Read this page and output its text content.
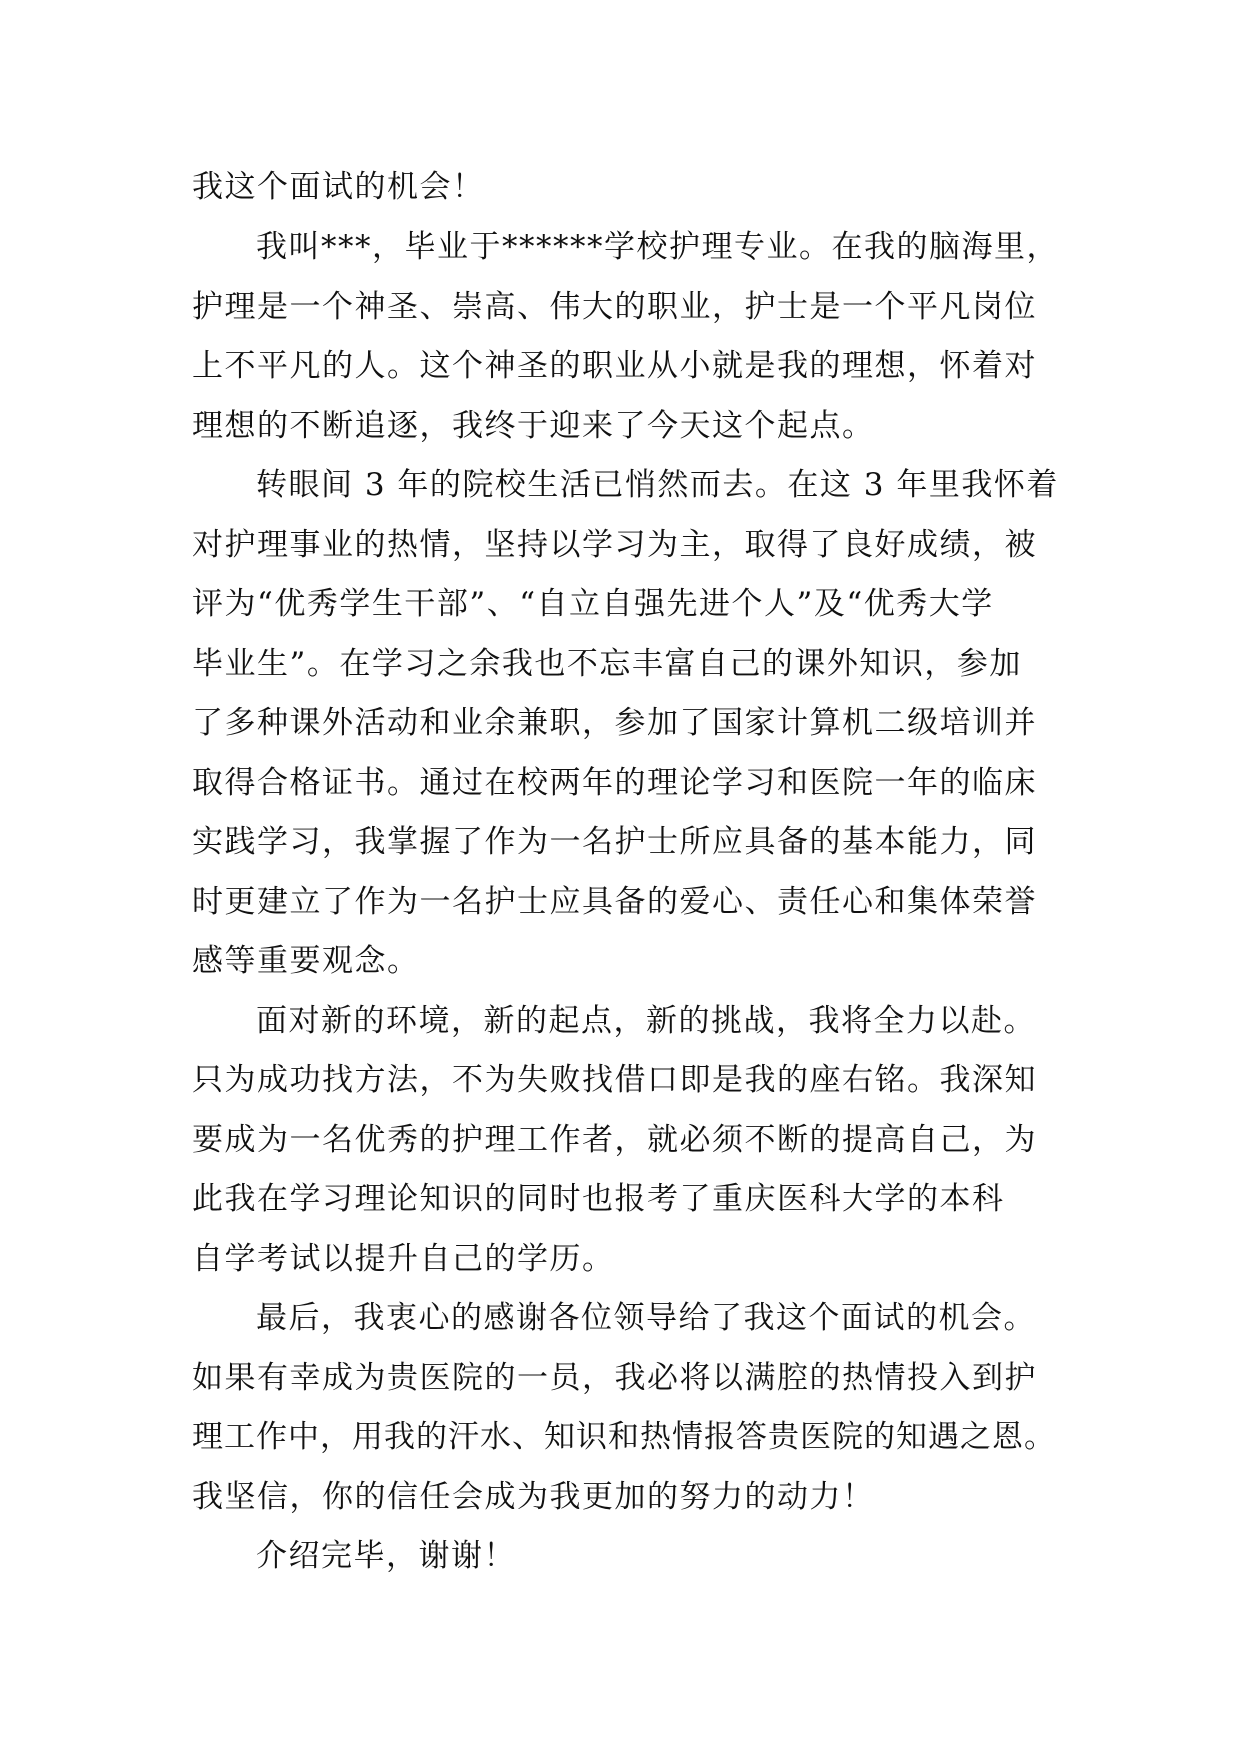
我这个面试的机会！
我叫***，毕业于******学校护理专业。在我的脑海里，
护理是一个神圣、崇高、伟大的职业，护士是一个平凡岗位
上不平凡的人。这个神圣的职业从小就是我的理想，怀着对
理想的不断追逐，我终于迎来了今天这个起点。
转眼间 3 年的院校生活已悄然而去。在这 3 年里我怀着
对护理事业的热情，坚持以学习为主，取得了良好成绩，被
评为“优秀学生干部”、“自立自强先进个人”及“优秀大学
毕业生”。在学习之余我也不忘丰富自己的课外知识，参加
了多种课外活动和业余兼职，参加了国家计算机二级培训并
取得合格证书。通过在校两年的理论学习和医院一年的临床
实践学习，我掌握了作为一名护士所应具备的基本能力，同
时更建立了作为一名护士应具备的爱心、责任心和集体荣誉
感等重要观念。
面对新的环境，新的起点，新的挑战，我将全力以赴。
只为成功找方法，不为失败找借口即是我的座右铭。我深知
要成为一名优秀的护理工作者，就必须不断的提高自己，为
此我在学习理论知识的同时也报考了重庆医科大学的本科
自学考试以提升自己的学历。
最后，我衷心的感谢各位领导给了我这个面试的机会。
如果有幸成为贵医院的一员，我必将以满腔的热情投入到护
理工作中，用我的汗水、知识和热情报答贵医院的知遇之恩。
我坚信，你的信任会成为我更加的努力的动力！
介绍完毕，谢谢！
